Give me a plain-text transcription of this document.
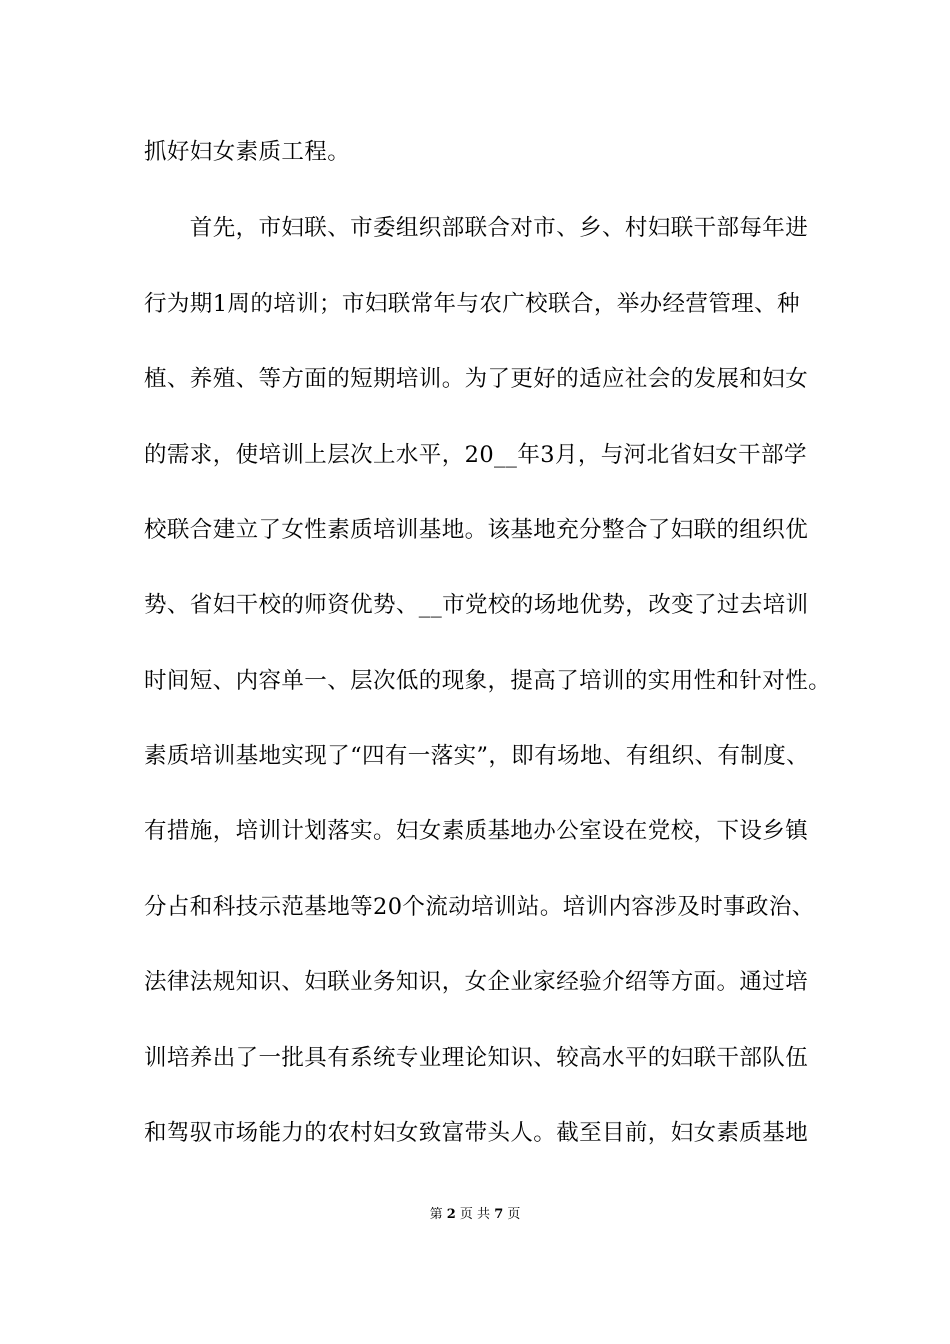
抓好妇女素质工程。
　　首先，市妇联、市委组织部联合对市、乡、村妇联干部每年进
行为期1周的培训；市妇联常年与农广校联合，举办经营管理、种
植、养殖、等方面的短期培训。为了更好的适应社会的发展和妇女
的需求，使培训上层次上水平，20__年3月，与河北省妇女干部学
校联合建立了女性素质培训基地。该基地充分整合了妇联的组织优
势、省妇干校的师资优势、__市党校的场地优势，改变了过去培训
时间短、内容单一、层次低的现象，提高了培训的实用性和针对性。
素质培训基地实现了“四有一落实”，即有场地、有组织、有制度、
有措施，培训计划落实。妇女素质基地办公室设在党校，下设乡镇
分占和科技示范基地等20个流动培训站。培训内容涉及时事政治、
法律法规知识、妇联业务知识，女企业家经验介绍等方面。通过培
训培养出了一批具有系统专业理论知识、较高水平的妇联干部队伍
和驾驭市场能力的农村妇女致富带头人。截至目前，妇女素质基地
第 2 页 共 7 页
